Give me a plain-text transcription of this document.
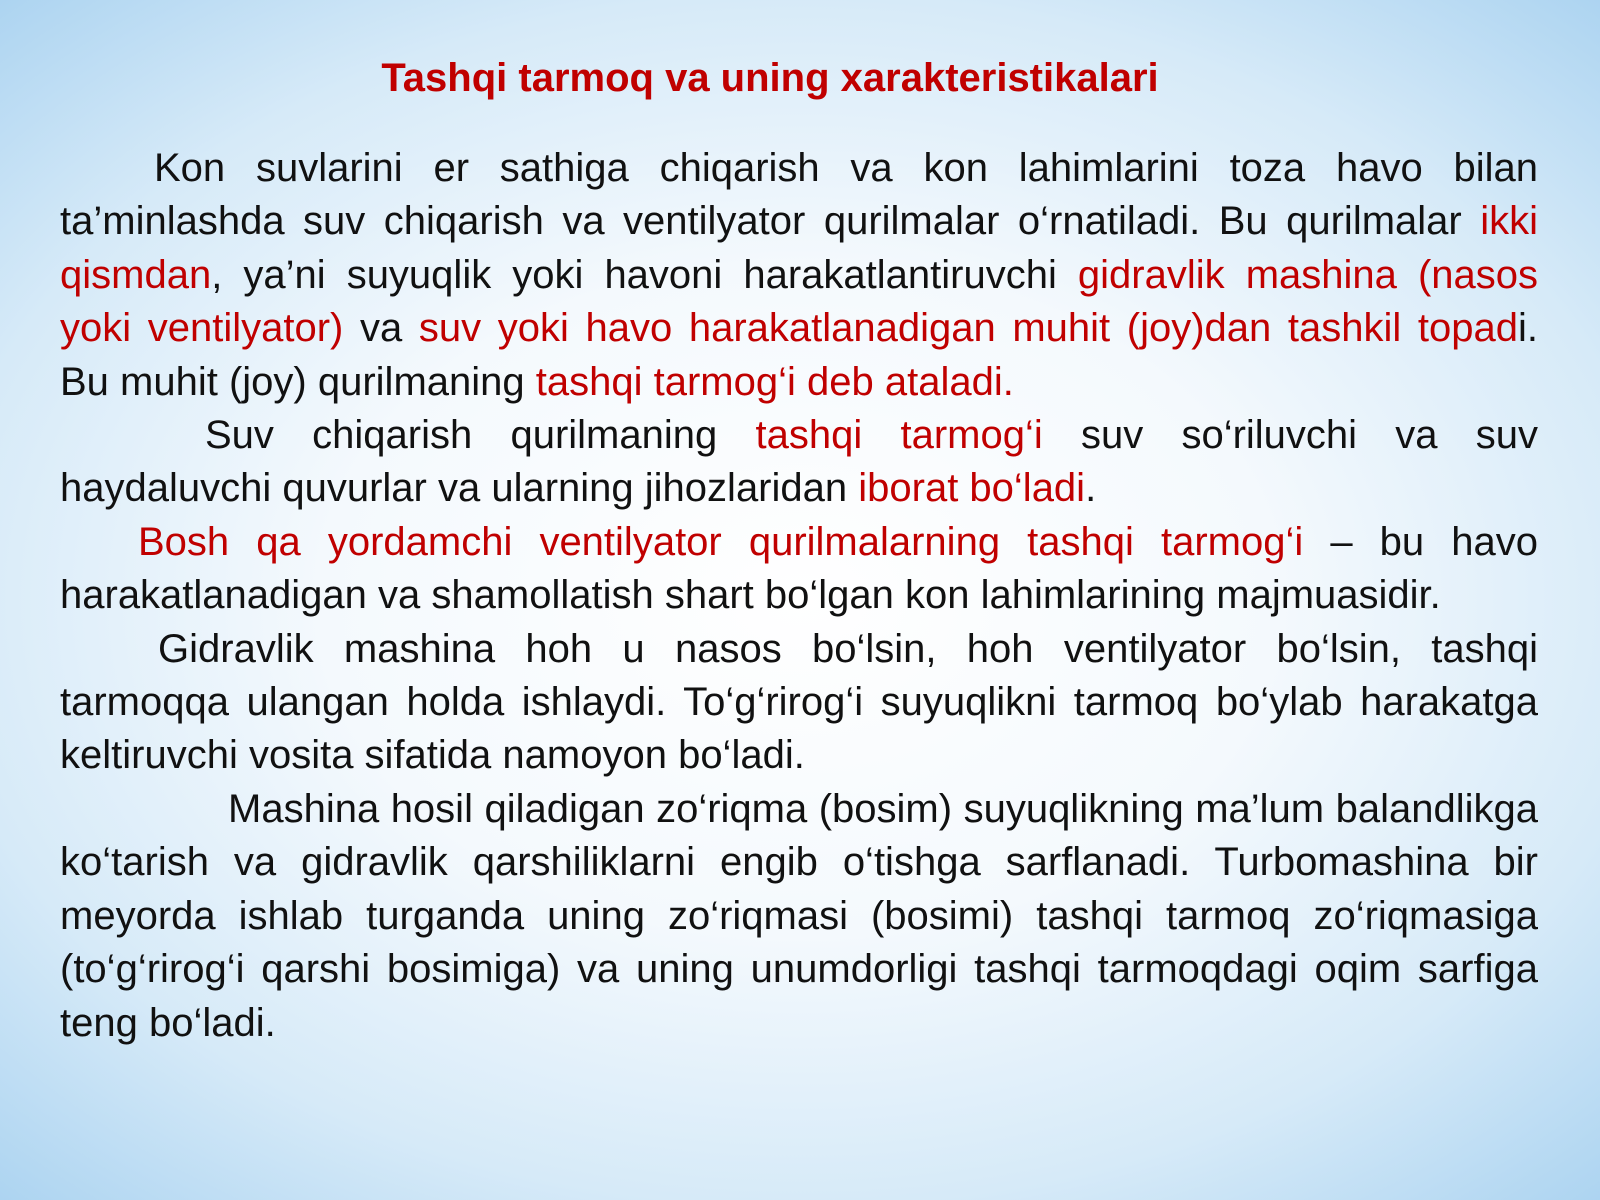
Tashqi tarmoq va uning xarakteristikalari

Kon suvlarini er sathiga chiqarish va kon lahimlarini toza havo bilan ta’minlashda suv chiqarish va ventilyator qurilmalar o‘rnatiladi. Bu qurilmalar ikki qismdan, ya’ni suyuqlik yoki havoni harakatlantiruvchi gidravlik mashina (nasos yoki ventilyator) va suv yoki havo harakatlanadigan muhit (joy)dan tashkil topadi. Bu muhit (joy) qurilmaning tashqi tarmog‘i deb ataladi.

Suv chiqarish qurilmaning tashqi tarmog‘i suv so‘riluvchi va suv haydaluvchi quvurlar va ularning jihozlaridan iborat bo‘ladi.

Bosh qa yordamchi ventilyator qurilmalarning tashqi tarmog‘i – bu havo harakatlanadigan va shamollatish shart bo‘lgan kon lahimlarining majmuasidir.

Gidravlik mashina hoh u nasos bo‘lsin, hoh ventilyator bo‘lsin, tashqi tarmoqqa ulangan holda ishlaydi. To‘g‘rirog‘i suyuqlikni tarmoq bo‘ylab harakatga keltiruvchi vosita sifatida namoyon bo‘ladi.

Mashina hosil qiladigan zo‘riqma (bosim) suyuqlikning ma’lum balandlikga ko‘tarish va gidravlik qarshiliklarni engib o‘tishga sarflanadi. Turbomashina bir meyorda ishlab turganda uning zo‘riqmasi (bosimi) tashqi tarmoq zo‘riqmasiga (to‘g‘rirog‘i qarshi bosimiga) va uning unumdorligi tashqi tarmoqdagi oqim sarfiga teng bo‘ladi.
